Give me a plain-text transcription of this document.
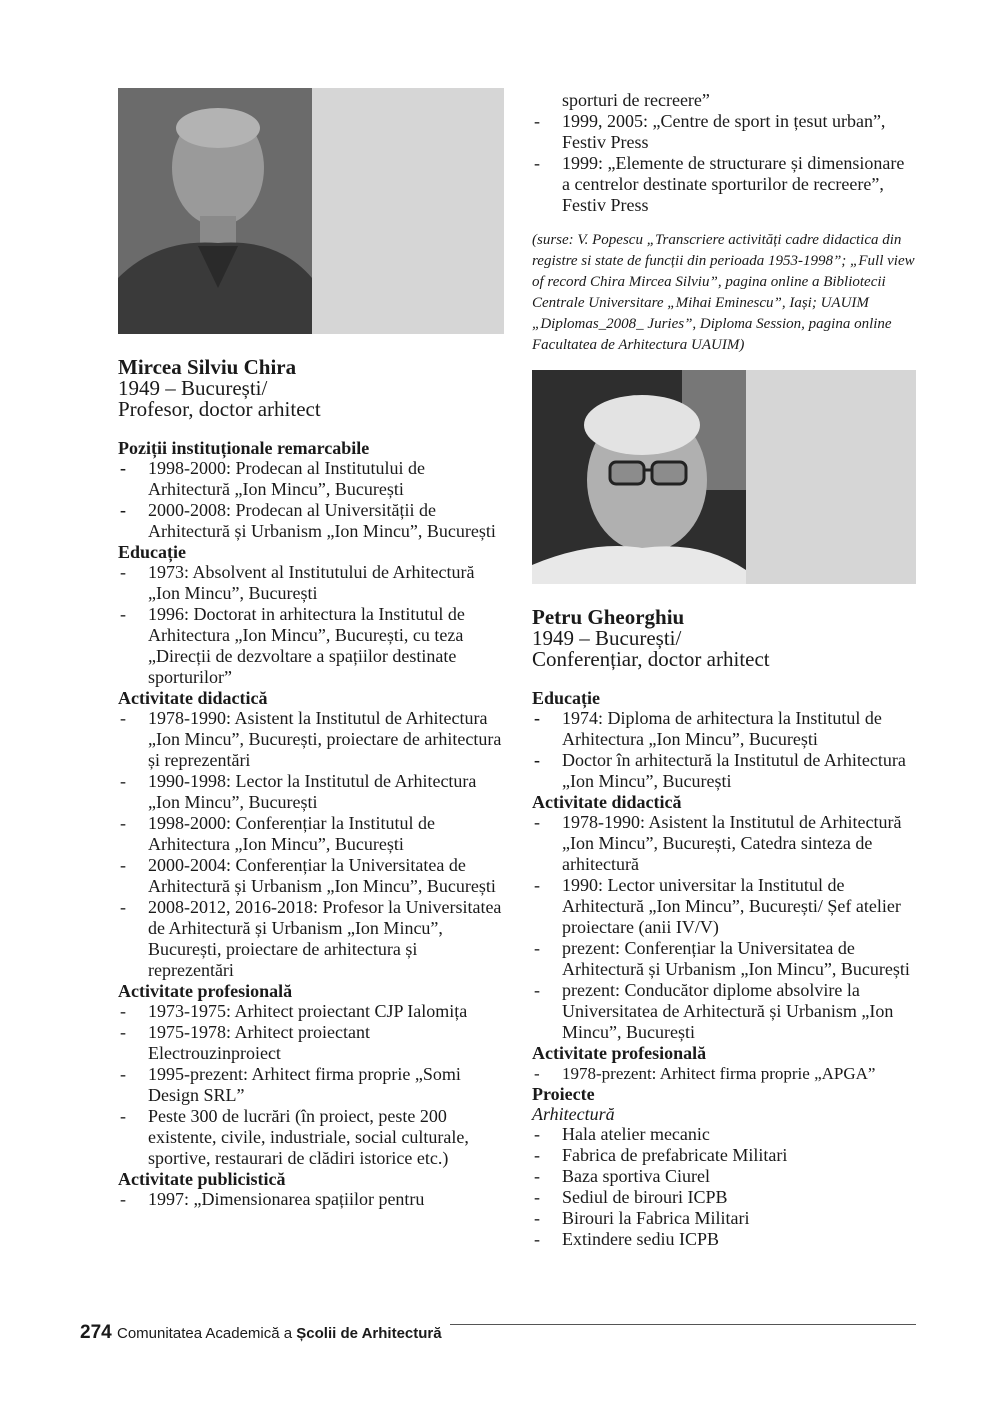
Mircea Silviu Chira
1949 – București/
Profesor, doctor arhitect
Poziții instituționale remarcabile
- 1998-2000: Prodecan al Institutului de Arhitectură „Ion Mincu”, București
- 2000-2008: Prodecan al Universității de Arhitectură și Urbanism „Ion Mincu”, București
Educație
- 1973: Absolvent al Institutului de Arhitectură „Ion Mincu”, București
- 1996: Doctorat in arhitectura la Institutul de Arhitectura „Ion Mincu”, București, cu teza „Direcții de dezvoltare a spațiilor destinate sporturilor”
Activitate didactică
- 1978-1990: Asistent la Institutul de Arhitectura „Ion Mincu”, București, proiectare de arhitectura și reprezentări
- 1990-1998: Lector la Institutul de Arhitectura „Ion Mincu”, București
- 1998-2000: Conferențiar la Institutul de Arhitectura „Ion Mincu”, București
- 2000-2004: Conferențiar la Universitatea de Arhitectură și Urbanism „Ion Mincu”, București
- 2008-2012, 2016-2018: Profesor la Universitatea de Arhitectură și Urbanism „Ion Mincu”, București, proiectare de arhitectura și reprezentări
Activitate profesională
- 1973-1975: Arhitect proiectant CJP Ialomița
- 1975-1978: Arhitect proiectant Electrouzinproiect
- 1995-prezent: Arhitect firma proprie „Somi Design SRL”
- Peste 300 de lucrări (în proiect, peste 200 existente, civile, industriale, social culturale, sportive, restaurari de clădiri istorice etc.)
Activitate publicistică
- 1997: „Dimensionarea spațiilor pentru
sporturi de recreere”
- 1999, 2005: „Centre de sport in țesut urban”, Festiv Press
- 1999: „Elemente de structurare și dimensionare a centrelor destinate sporturilor de recreere”, Festiv Press
(surse: V. Popescu „Transcriere activități cadre didactica din registre si state de funcții din perioada 1953-1998”; „Full view of record Chira Mircea Silviu”, pagina online a Bibliotecii Centrale Universitare „Mihai Eminescu”, Iași; UAUIM „Diplomas_2008_ Juries”, Diploma Session, pagina online Facultatea de Arhitectura UAUIM)
Petru Gheorghiu
1949 – București/
Conferențiar, doctor arhitect
Educație
- 1974: Diploma de arhitectura la Institutul de Arhitectura „Ion Mincu”, București
- Doctor în arhitectură la Institutul de Arhitectura „Ion Mincu”, București
Activitate didactică
- 1978-1990: Asistent la Institutul de Arhitectură „Ion Mincu”, București, Catedra sinteza de arhitectură
- 1990: Lector universitar la Institutul de Arhitectură „Ion Mincu”, București/ Șef atelier proiectare (anii IV/V)
- prezent: Conferențiar la Universitatea de Arhitectură și Urbanism „Ion Mincu”, București
- prezent: Conducător diplome absolvire la Universitatea de Arhitectură și Urbanism „Ion Mincu”, București
Activitate profesională
- 1978-prezent: Arhitect firma proprie „APGA”
Proiecte
Arhitectură
- Hala atelier mecanic
- Fabrica de prefabricate Militari
- Baza sportiva Ciurel
- Sediul de birouri ICPB
- Birouri la Fabrica Militari
- Extindere sediu ICPB
274 Comunitatea Academică a Școlii de Arhitectură
